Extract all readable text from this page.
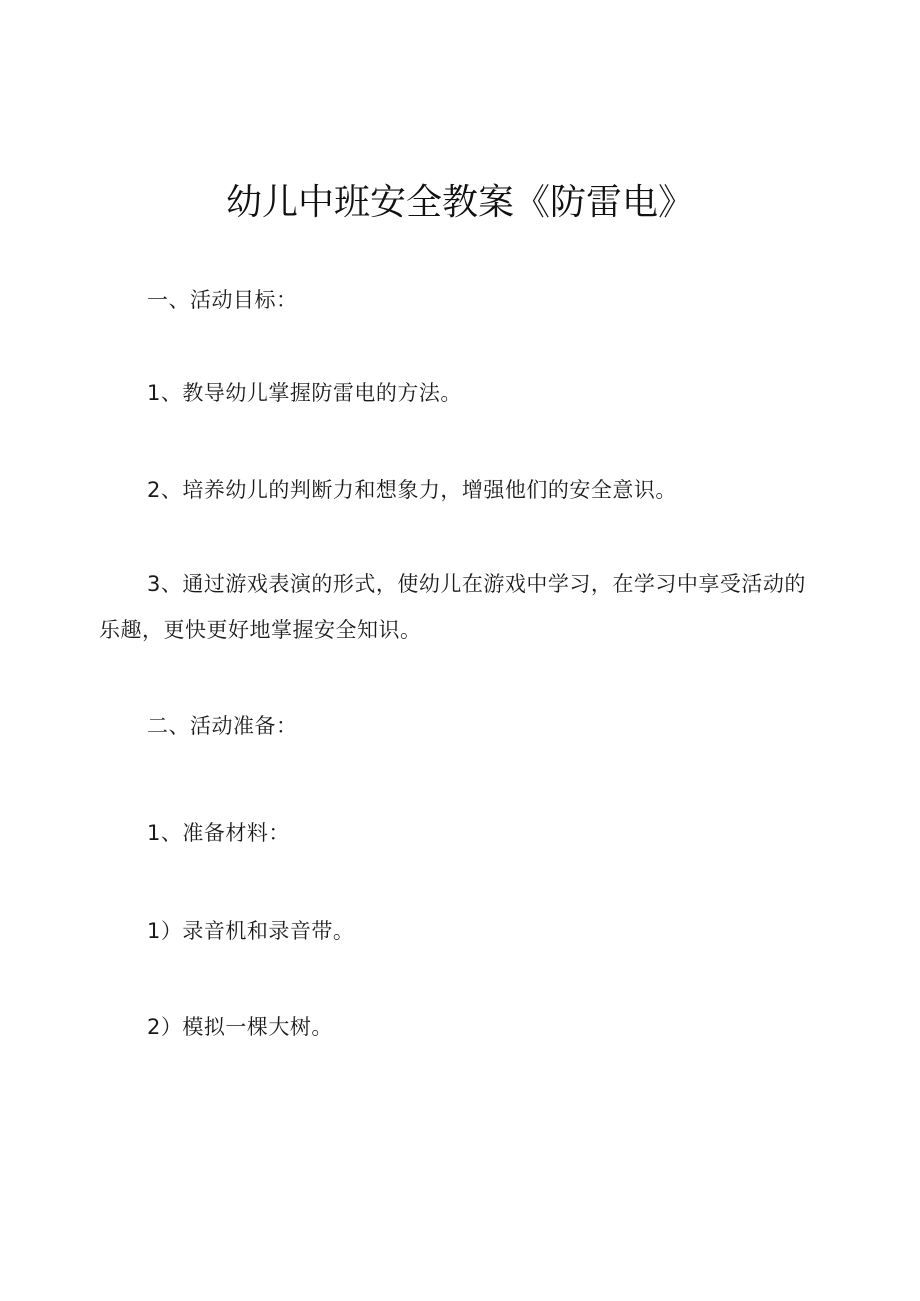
幼儿中班安全教案《防雷电》

一、活动目标：

1、教导幼儿掌握防雷电的方法。

2、培养幼儿的判断力和想象力，增强他们的安全意识。

3、通过游戏表演的形式，使幼儿在游戏中学习，在学习中享受活动的乐趣，更快更好地掌握安全知识。

二、活动准备：

1、准备材料：

1）录音机和录音带。

2）模拟一棵大树。
